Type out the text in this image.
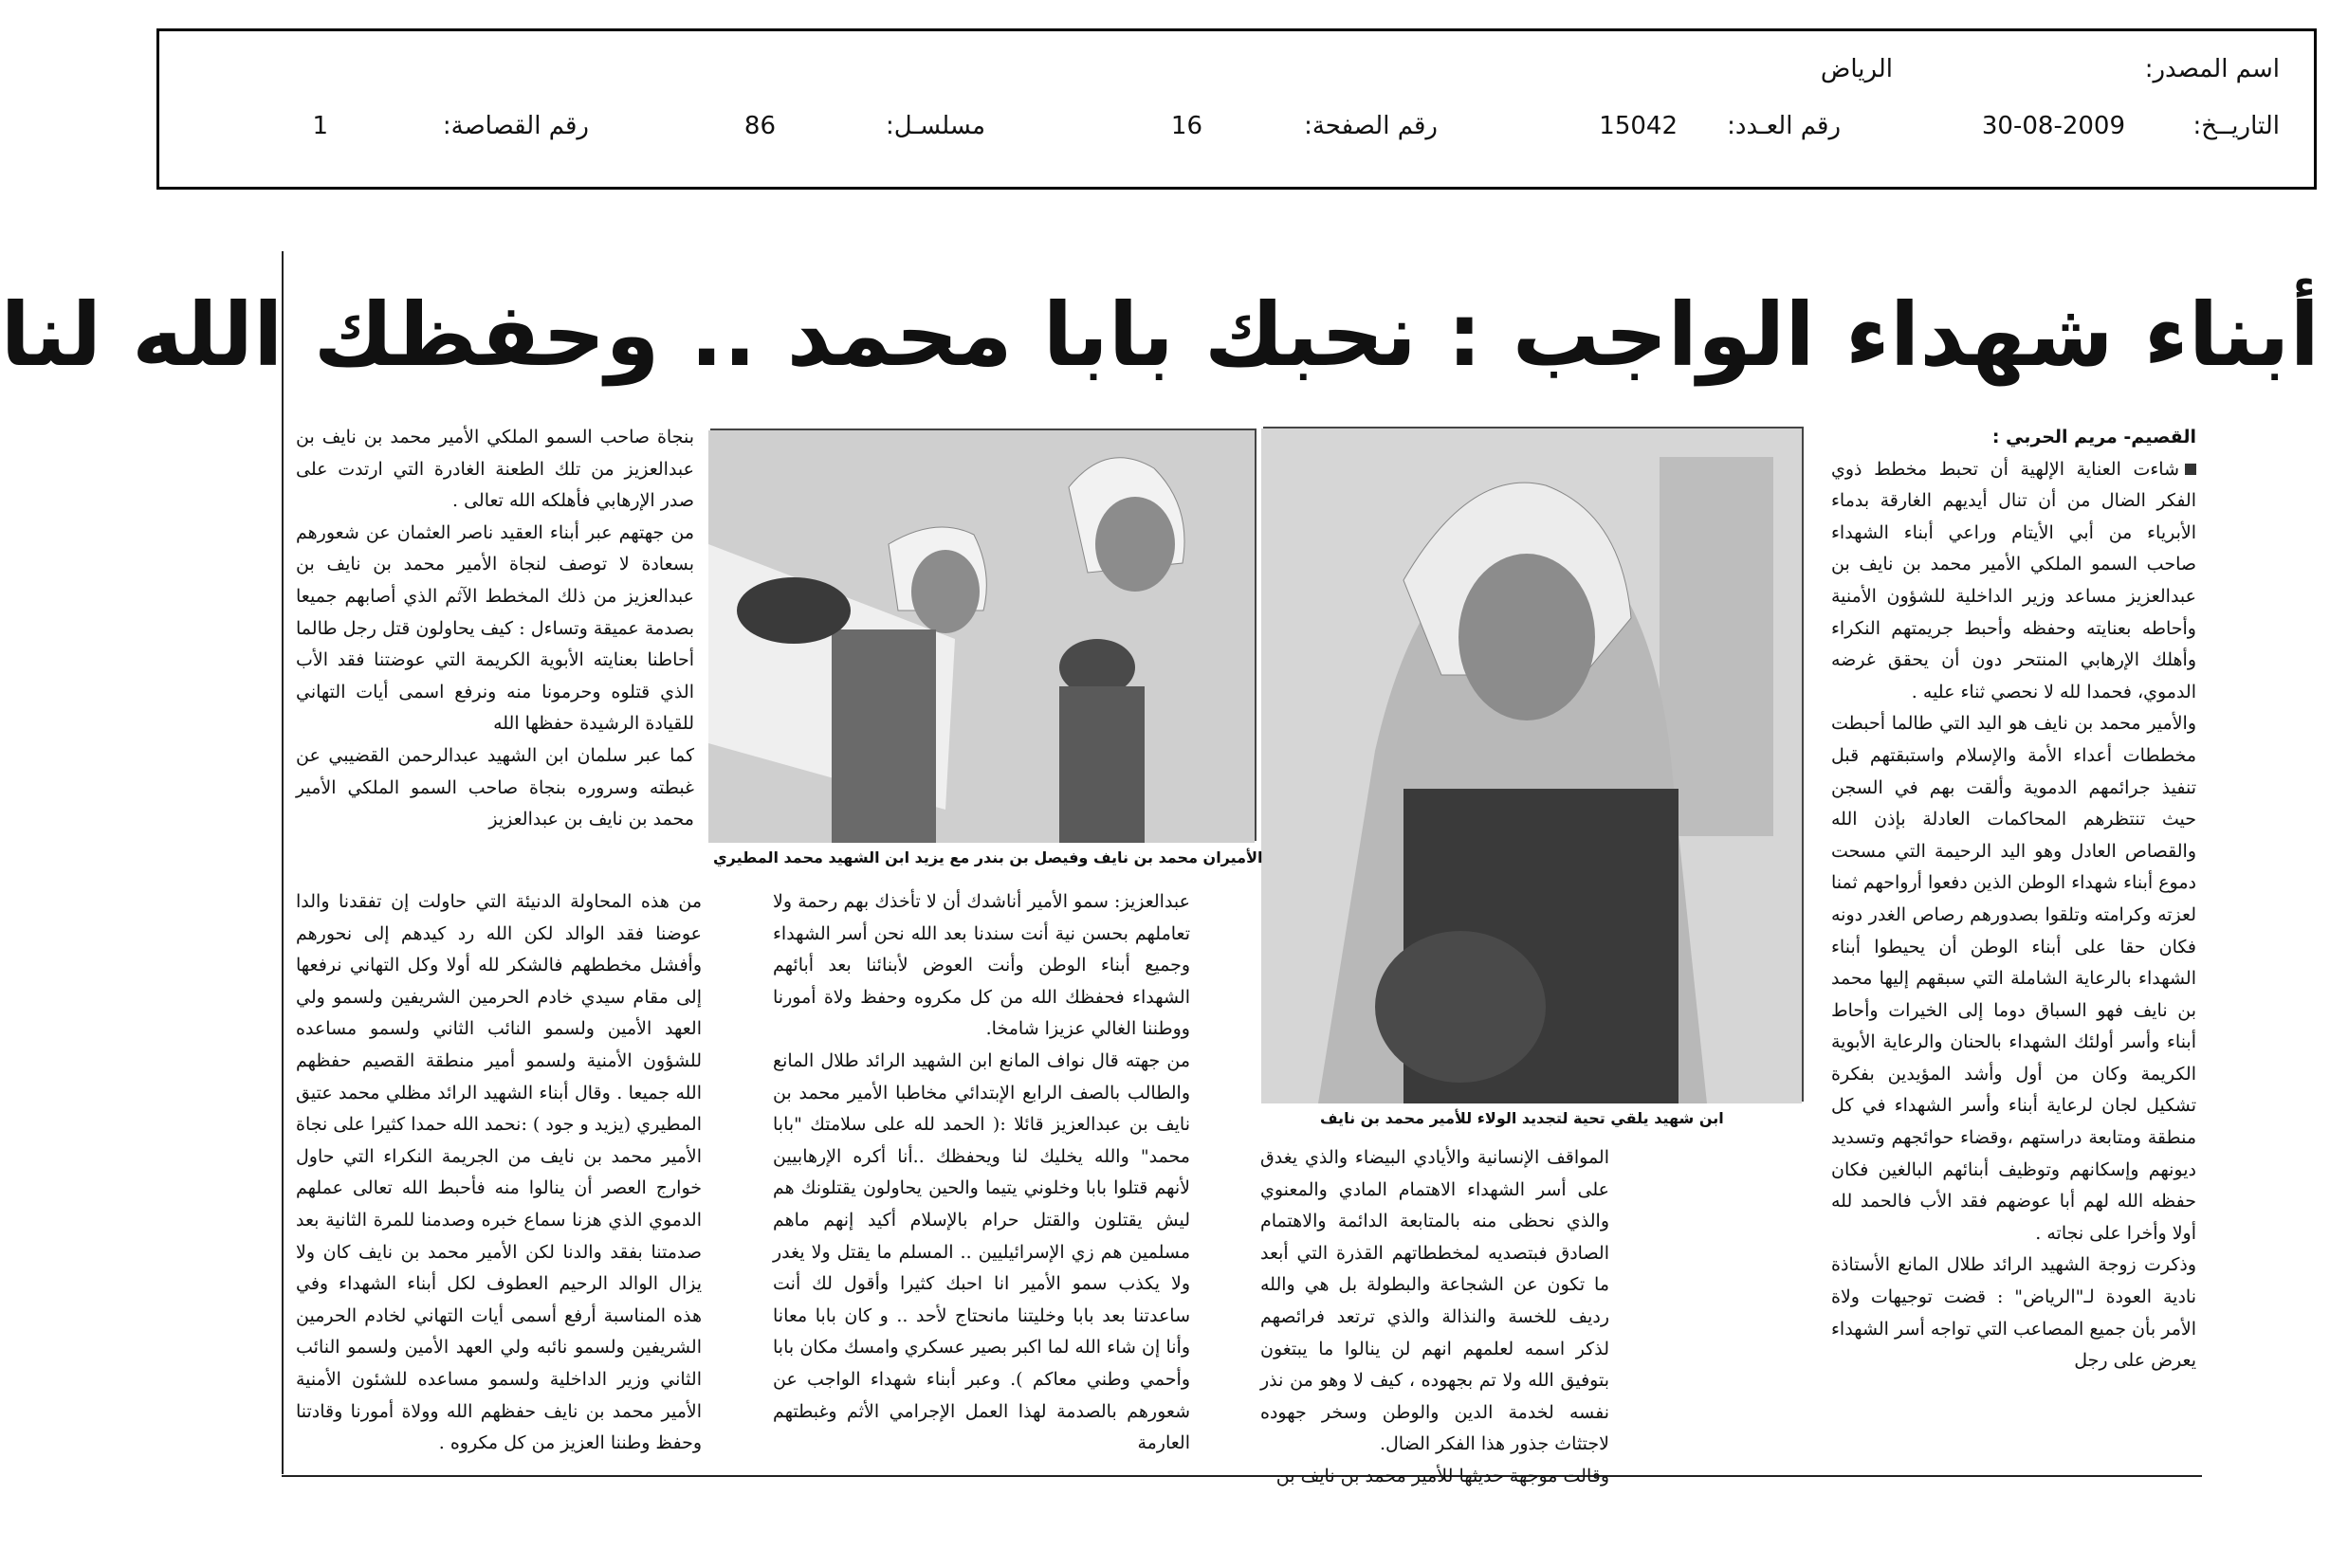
اسم المصدر:
الرياض
التاريــخ:
30-08-2009
رقم العـدد:
15042
رقم الصفحة:
16
مسلسـل:
86
رقم القصاصة:
1
أبناء شهداء الواجب : نحبك بابا محمد .. وحفظك الله لنا

القصيم- مريم الحربي :

شاءت العناية الإلهية أن تحبط مخطط ذوي الفكر الضال من أن تنال أيديهم الغارقة بدماء الأبرياء من أبي الأيتام وراعي أبناء الشهداء صاحب السمو الملكي الأمير محمد بن نايف بن عبدالعزيز مساعد وزير الداخلية للشؤون الأمنية وأحاطه بعنايته وحفظه وأحبط جريمتهم النكراء وأهلك الإرهابي المنتحر دون أن يحقق غرضه الدموي، فحمدا لله لا نحصي ثناء عليه .

والأمير محمد بن نايف هو اليد التي طالما أحبطت مخططات أعداء الأمة والإسلام واستبقتهم قبل تنفيذ جرائمهم الدموية وألقت بهم في السجن حيث تنتظرهم المحاكمات العادلة بإذن الله والقصاص العادل وهو اليد الرحيمة التي مسحت دموع أبناء شهداء الوطن الذين دفعوا أرواحهم ثمنا لعزته وكرامته وتلقوا بصدورهم رصاص الغدر دونه فكان حقا على أبناء الوطن أن يحيطوا أبناء الشهداء بالرعاية الشاملة التي سبقهم إليها محمد بن نايف فهو السباق دوما إلى الخيرات وأحاط أبناء وأسر أولئك الشهداء بالحنان والرعاية الأبوية الكريمة وكان من أول وأشد المؤيدين بفكرة تشكيل لجان لرعاية أبناء وأسر الشهداء في كل منطقة ومتابعة دراستهم ،وقضاء حوائجهم وتسديد ديونهم وإسكانهم وتوظيف أبنائهم البالغين فكان حفظه الله لهم أبا عوضهم فقد الأب فالحمد لله أولا وأخرا على نجاته .

وذكرت زوجة الشهيد الرائد طلال المانع الأستاذة نادية العودة لـ"الرياض" : قضت توجيهات ولاة الأمر بأن جميع المصاعب التي تواجه أسر الشهداء يعرض على رجل

ابن شهيد يلقي تحية لتجديد الولاء للأمير محمد بن نايف
الأميران محمد بن نايف وفيصل بن بندر مع يزيد ابن الشهيد محمد المطيري

المواقف الإنسانية والأيادي البيضاء والذي يغدق على أسر الشهداء الاهتمام المادي والمعنوي والذي نحظى منه بالمتابعة الدائمة والاهتمام الصادق فبتصديه لمخططاتهم القذرة التي أبعد ما تكون عن الشجاعة والبطولة بل هي والله رديف للخسة والنذالة والذي ترتعد فرائصهم لذكر اسمه لعلمهم انهم لن ينالوا ما يبتغون بتوفيق الله ولا تم بجهوده ، كيف لا وهو من نذر نفسه لخدمة الدين والوطن وسخر جهوده لاجتثاث جذور هذا الفكر الضال.

وقالت موجهة حديثها للأمير محمد بن نايف بن

عبدالعزيز: سمو الأمير أناشدك أن لا تأخذك بهم رحمة ولا تعاملهم بحسن نية أنت سندنا بعد الله نحن أسر الشهداء وجميع أبناء الوطن وأنت العوض لأبنائنا بعد أبائهم الشهداء فحفظك الله من كل مكروه وحفظ ولاة أمورنا ووطننا الغالي عزيزا شامخا.

من جهته قال نواف المانع ابن الشهيد الرائد طلال المانع والطالب بالصف الرابع الإبتدائي مخاطبا الأمير محمد بن نايف بن عبدالعزيز قائلا :( الحمد لله على سلامتك "بابا محمد" والله يخليك لنا ويحفظك ..أنا أكره الإرهابيين لأنهم قتلوا بابا وخلوني يتيما والحين يحاولون يقتلونك هم ليش يقتلون والقتل حرام بالإسلام أكيد إنهم ماهم مسلمين هم زي الإسرائيليين .. المسلم ما يقتل ولا يغدر ولا يكذب سمو الأمير انا احبك كثيرا وأقول لك أنت ساعدتنا بعد بابا وخليتنا مانحتاج لأحد .. و كان بابا معانا وأنا إن شاء الله لما اكبر بصير عسكري وامسك مكان بابا وأحمي وطني معاكم ). وعبر أبناء شهداء الواجب عن شعورهم بالصدمة لهذا العمل الإجرامي الأثم وغبطتهم العارمة

بنجاة صاحب السمو الملكي الأمير محمد بن نايف بن عبدالعزيز من تلك الطعنة الغادرة التي ارتدت على صدر الإرهابي فأهلكه الله تعالى .

من جهتهم عبر أبناء العقيد ناصر العثمان عن شعورهم بسعادة لا توصف لنجاة الأمير محمد بن نايف بن عبدالعزيز من ذلك المخطط الآثم الذي أصابهم جميعا بصدمة عميقة وتساءل : كيف يحاولون قتل رجل طالما أحاطنا بعنايته الأبوية الكريمة التي عوضتنا فقد الأب الذي قتلوه وحرمونا منه ونرفع اسمى أيات التهاني للقيادة الرشيدة حفظها الله

كما عبر سلمان ابن الشهيد عبدالرحمن القضيبي عن غبطته وسروره بنجاة صاحب السمو الملكي الأمير محمد بن نايف بن عبدالعزيز

من هذه المحاولة الدنيئة التي حاولت إن تفقدنا والدا عوضنا فقد الوالد لكن الله رد كيدهم إلى نحورهم وأفشل مخططهم فالشكر لله أولا وكل التهاني نرفعها إلى مقام سيدي خادم الحرمين الشريفين ولسمو ولي العهد الأمين ولسمو النائب الثاني ولسمو مساعده للشؤون الأمنية ولسمو أمير منطقة القصيم حفظهم الله جميعا . وقال أبناء الشهيد الرائد مظلي محمد عتيق المطيري (يزيد و جود ) :نحمد الله حمدا كثيرا على نجاة الأمير محمد بن نايف من الجريمة النكراء التي حاول خوارج العصر أن ينالوا منه فأحبط الله تعالى عملهم الدموي الذي هزنا سماع خبره وصدمنا للمرة الثانية بعد صدمتنا بفقد والدنا لكن الأمير محمد بن نايف كان ولا يزال الوالد الرحيم العطوف لكل أبناء الشهداء وفي هذه المناسبة أرفع أسمى أيات التهاني لخادم الحرمين الشريفين ولسمو نائبه ولي العهد الأمين ولسمو النائب الثاني وزير الداخلية ولسمو مساعده للشئون الأمنية الأمير محمد بن نايف حفظهم الله وولاة أمورنا وقادتنا وحفظ وطننا العزيز من كل مكروه .
